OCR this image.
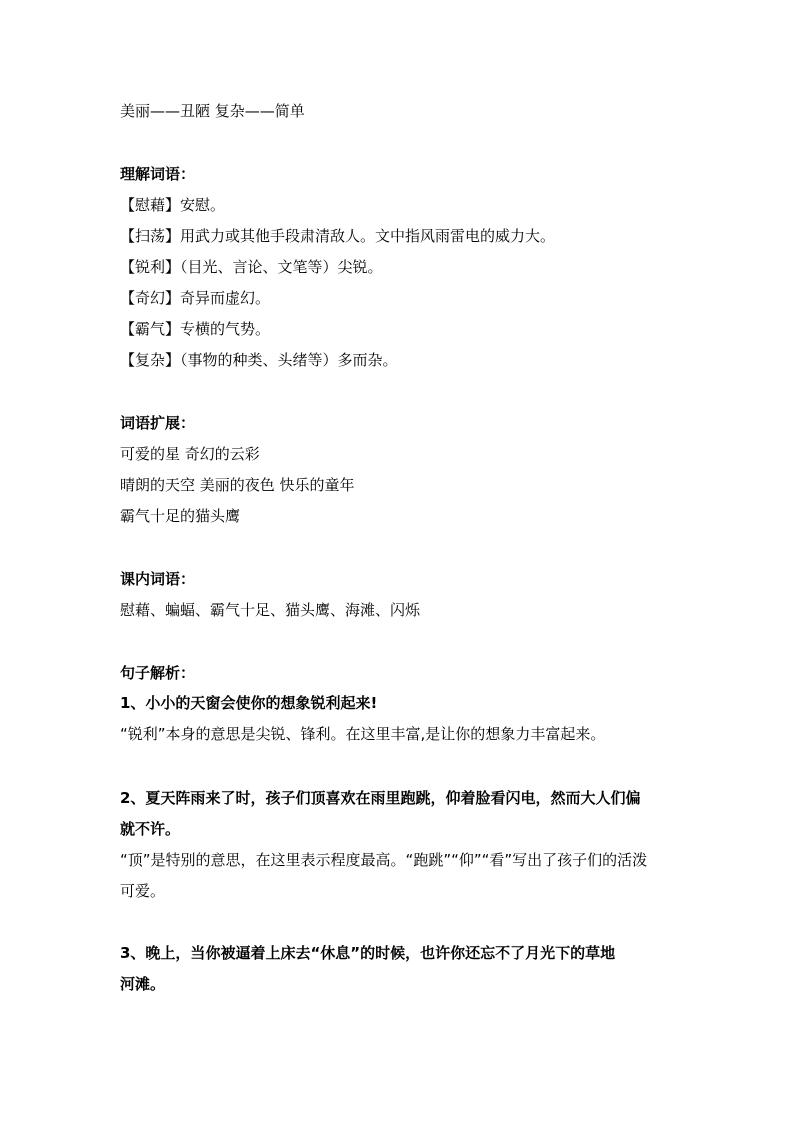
美丽——丑陋 复杂——简单
理解词语：
【慰藉】安慰。
【扫荡】用武力或其他手段肃清敌人。文中指风雨雷电的威力大。
【锐利】（目光、言论、文笔等）尖锐。
【奇幻】奇异而虚幻。
【霸气】专横的气势。
【复杂】（事物的种类、头绪等）多而杂。
词语扩展：
可爱的星 奇幻的云彩
晴朗的天空 美丽的夜色 快乐的童年
霸气十足的猫头鹰
课内词语：
慰藉、蝙蝠、霸气十足、猫头鹰、海滩、闪烁
句子解析：
1、小小的天窗会使你的想象锐利起来!
“锐利”本身的意思是尖锐、锋利。在这里丰富,是让你的想象力丰富起来。
2、夏天阵雨来了时，孩子们顶喜欢在雨里跑跳，仰着脸看闪电，然而大人们偏
就不许。
“顶”是特别的意思，在这里表示程度最高。“跑跳”“仰”“看”写出了孩子们的活泼
可爱。
3、晚上，当你被逼着上床去“休息”的时候，也许你还忘不了月光下的草地
河滩。
